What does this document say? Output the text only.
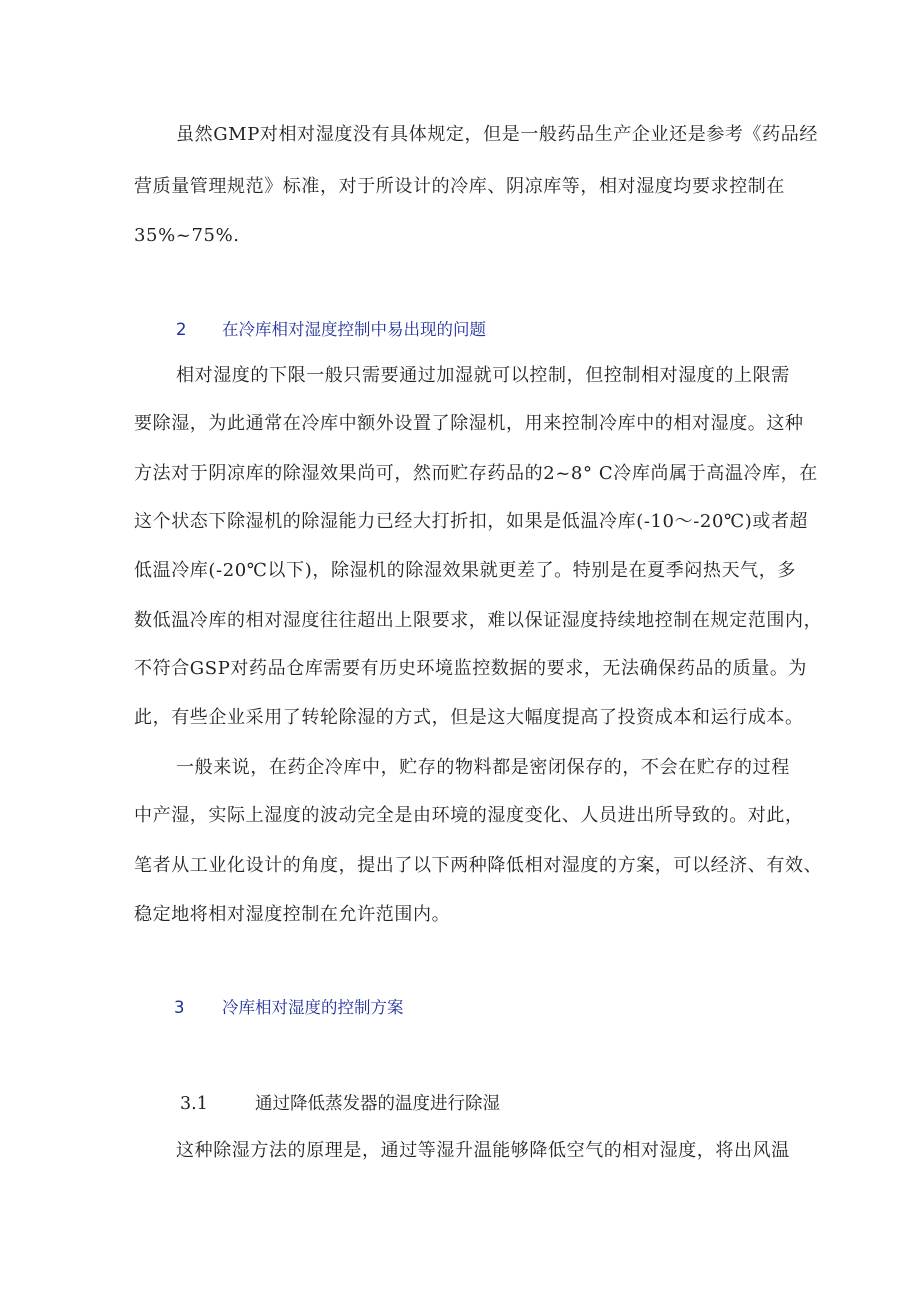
虽然GMP对相对湿度没有具体规定，但是一般药品生产企业还是参考《药品经
营质量管理规范》标准，对于所设计的冷库、阴凉库等，相对湿度均要求控制在
35%~75%.
2 在冷库相对湿度控制中易出现的问题
相对湿度的下限一般只需要通过加湿就可以控制，但控制相对湿度的上限需
要除湿，为此通常在冷库中额外设置了除湿机，用来控制冷库中的相对湿度。这种
方法对于阴凉库的除湿效果尚可，然而贮存药品的2~8° C冷库尚属于高温冷库，在
这个状态下除湿机的除湿能力已经大打折扣，如果是低温冷库(-10～-20℃)或者超
低温冷库(-20℃以下)，除湿机的除湿效果就更差了。特别是在夏季闷热天气，多
数低温冷库的相对湿度往往超出上限要求，难以保证湿度持续地控制在规定范围内，
不符合GSP对药品仓库需要有历史环境监控数据的要求，无法确保药品的质量。为
此，有些企业采用了转轮除湿的方式，但是这大幅度提高了投资成本和运行成本。
一般来说，在药企冷库中，贮存的物料都是密闭保存的，不会在贮存的过程
中产湿，实际上湿度的波动完全是由环境的湿度变化、人员进出所导致的。对此，
笔者从工业化设计的角度，提出了以下两种降低相对湿度的方案，可以经济、有效、
稳定地将相对湿度控制在允许范围内。
3 冷库相对湿度的控制方案
3.1	通过降低蒸发器的温度进行除湿
这种除湿方法的原理是，通过等湿升温能够降低空气的相对湿度，将出风温
